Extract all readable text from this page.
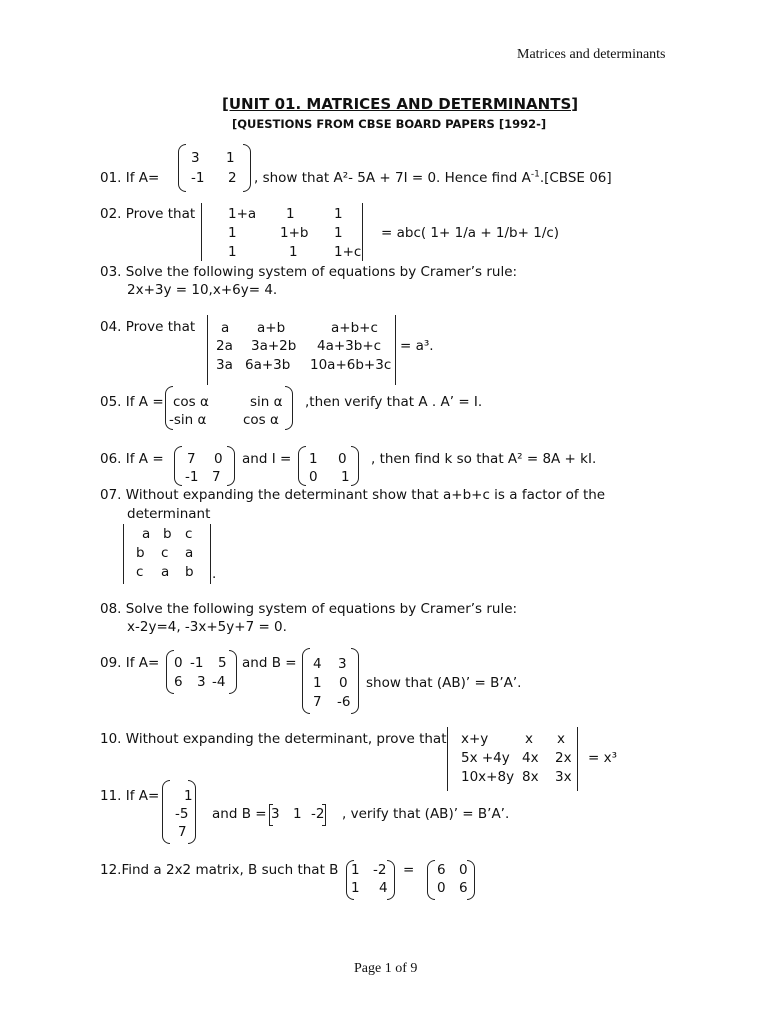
Matrices and determinants
[UNIT 01. MATRICES AND DETERMINANTS]
[QUESTIONS FROM CBSE BOARD PAPERS [1992-]
01. If A=
3 1
-1 2 , show that A²- 5A + 7I = 0. Hence find $A^{-1}.[CBSE$ 06]
02. Prove that 1+a 1	1
1	1+b 1
1	1	1+c
= abc( 1+ 1/a + 1/b+ 1/c)
03. Solve the following system of equations by Cramer’s rule:
2x+3y = 10,x+6y= 4.
04. Prove that a a+b	a+b+c
2a 3a+2b 4a+3b+c
3a 6a+3b 10a+6b+3c
= a³.
05. If A = cos α	sin α
-sin α	cos α
,then verify that A . A’ = I.
06. If A = 7 0
-1 7
and I = 1 0
0 1
, then find k so that A² = 8A + kI.
07. Without expanding the determinant show that a+b+c is a factor of the
determinant
a b c
b c a
c a b .
08. Solve the following system of equations by Cramer’s rule:
x-2y=4, -3x+5y+7 = 0.
09. If A= 0 -1 5
6 3 -4
and B = 4 3
1 0
7 -6
show that (AB)’ = B’A’.
10. Without expanding the determinant, prove that x+y	x x
5x +4y 4x 2x
10x+8y 8x 3x
= x³
11. If A= 1
-5
7
and B = 3 1 -2 , verify that (AB)’ = B’A’.
12.Find a 2x2 matrix, B such that B 1 -2
1 4
= 6 0
0 6
Page 1 of 9
